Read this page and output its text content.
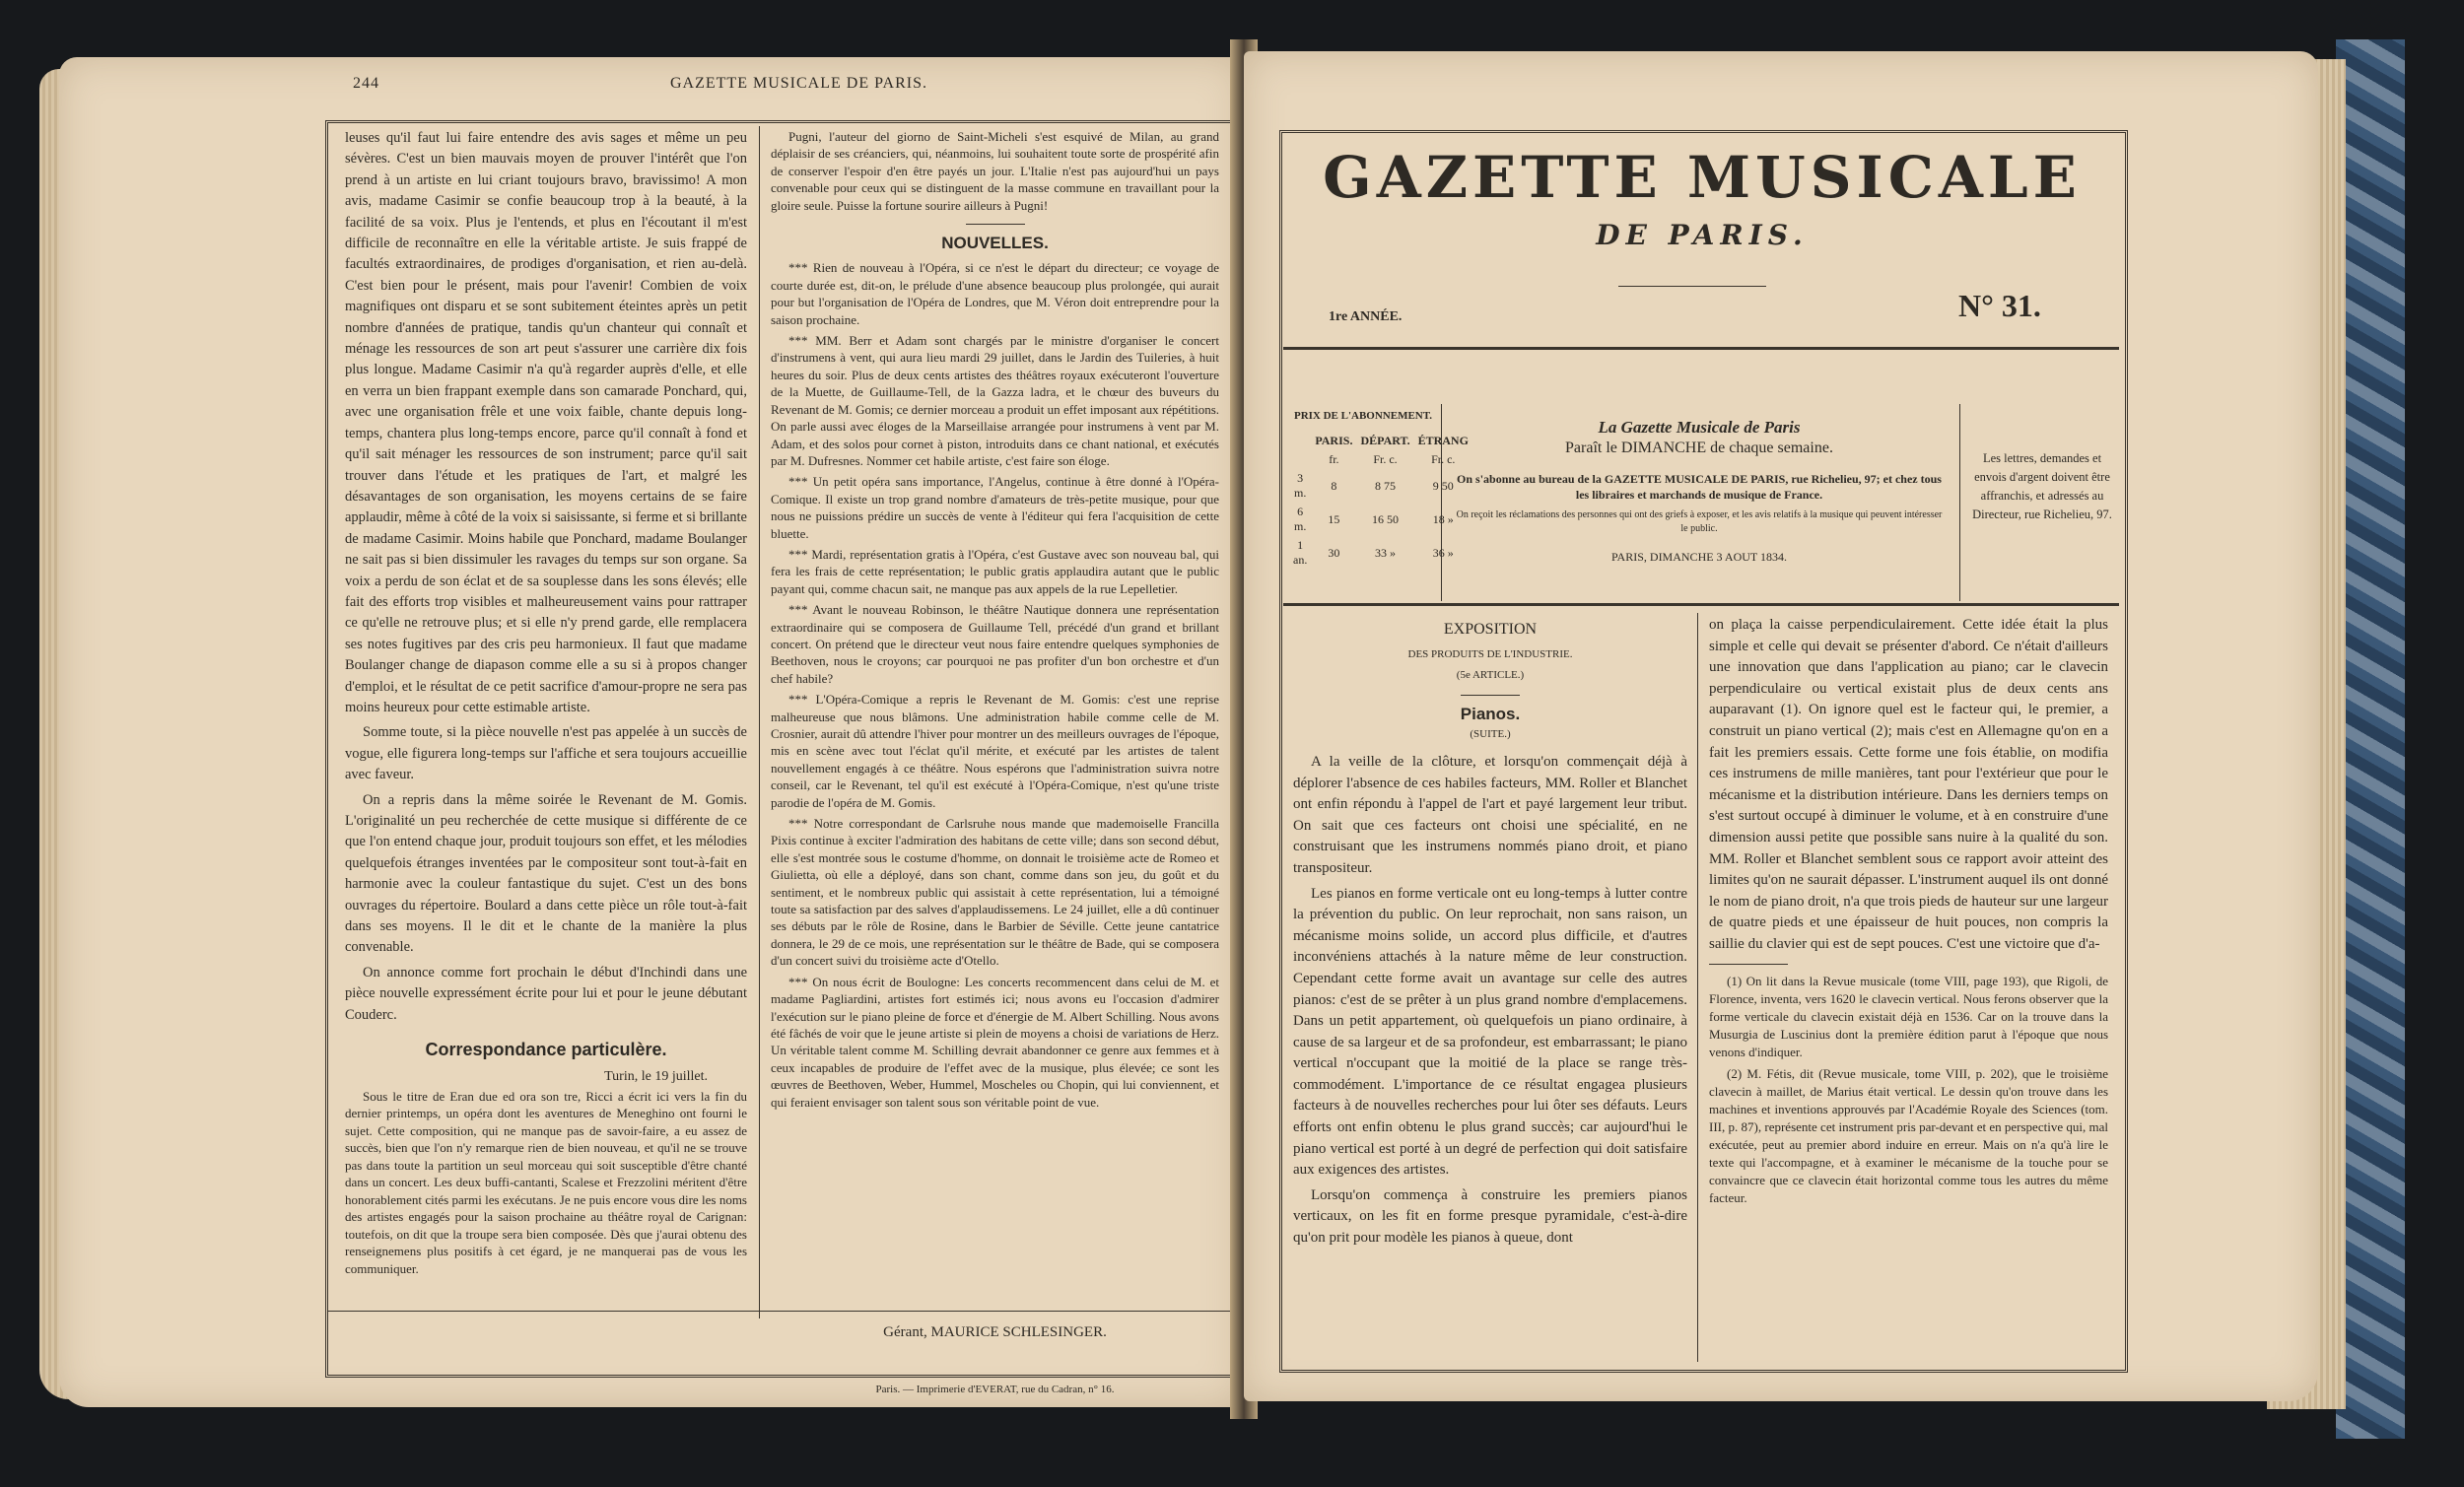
244	GAZETTE MUSICALE DE PARIS.

leuses qu'il faut lui faire entendre des avis sages et même un peu sévères. C'est un bien mauvais moyen de prouver l'intérêt que l'on prend à un artiste en lui criant toujours bravo, bravissimo! A mon avis, madame Casimir se confie beaucoup trop à la beauté, à la facilité de sa voix. Plus je l'entends, et plus en l'écoutant il m'est difficile de reconnaître en elle la véritable artiste. Je suis frappé de facultés extraordinaires, de prodiges d'organisation, et rien au-delà. C'est bien pour le présent, mais pour l'avenir! Combien de voix magnifiques ont disparu et se sont subitement éteintes après un petit nombre d'années de pratique, tandis qu'un chanteur qui connaît et ménage les ressources de son art peut s'assurer une carrière dix fois plus longue. Madame Casimir n'a qu'à regarder auprès d'elle, et elle en verra un bien frappant exemple dans son camarade Ponchard, qui, avec une organisation frêle et une voix faible, chante depuis long-temps, chantera plus long-temps encore, parce qu'il connaît à fond et qu'il sait ménager les ressources de son instrument; parce qu'il sait trouver dans l'étude et les pratiques de l'art, et malgré les désavantages de son organisation, les moyens certains de se faire applaudir, même à côté de la voix si saisissante, si ferme et si brillante de madame Casimir. Moins habile que Ponchard, madame Boulanger ne sait pas si bien dissimuler les ravages du temps sur son organe. Sa voix a perdu de son éclat et de sa souplesse dans les sons élevés; elle fait des efforts trop visibles et malheureusement vains pour rattraper ce qu'elle ne retrouve plus; et si elle n'y prend garde, elle remplacera ses notes fugitives par des cris peu harmonieux. Il faut que madame Boulanger change de diapason comme elle a su si à propos changer d'emploi, et le résultat de ce petit sacrifice d'amour-propre ne sera pas moins heureux pour cette estimable artiste.

Somme toute, si la pièce nouvelle n'est pas appelée à un succès de vogue, elle figurera long-temps sur l'affiche et sera toujours accueillie avec faveur.

On a repris dans la même soirée le Revenant de M. Gomis. L'originalité un peu recherchée de cette musique si différente de ce que l'on entend chaque jour, produit toujours son effet, et les mélodies quelquefois étranges inventées par le compositeur sont tout-à-fait en harmonie avec la couleur fantastique du sujet. C'est un des bons ouvrages du répertoire. Boulard a dans cette pièce un rôle tout-à-fait dans ses moyens. Il le dit et le chante de la manière la plus convenable.

On annonce comme fort prochain le début d'Inchindi dans une pièce nouvelle expressément écrite pour lui et pour le jeune débutant Couderc.

Correspondance particulère.
Turin, le 19 juillet.

Sous le titre de Eran due ed ora son tre, Ricci a écrit ici vers la fin du dernier printemps, un opéra dont les aventures de Meneghino ont fourni le sujet. Cette composition, qui ne manque pas de savoir-faire, a eu assez de succès, bien que l'on n'y remarque rien de bien nouveau, et qu'il ne se trouve pas dans toute la partition un seul morceau qui soit susceptible d'être chanté dans un concert. Les deux buffi-cantanti, Scalese et Frezzolini méritent d'être honorablement cités parmi les exécutans. Je ne puis encore vous dire les noms des artistes engagés pour la saison prochaine au théâtre royal de Carignan: toutefois, on dit que la troupe sera bien composée. Dès que j'aurai obtenu des renseignemens plus positifs à cet égard, je ne manquerai pas de vous les communiquer.

Pugni, l'auteur del giorno de Saint-Micheli s'est esquivé de Milan, au grand déplaisir de ses créanciers, qui, néanmoins, lui souhaitent toute sorte de prospérité afin de conserver l'espoir d'en être payés un jour. L'Italie n'est pas aujourd'hui un pays convenable pour ceux qui se distinguent de la masse commune en travaillant pour la gloire seule. Puisse la fortune sourire ailleurs à Pugni!

NOUVELLES.

*** Rien de nouveau à l'Opéra, si ce n'est le départ du directeur; ce voyage de courte durée est, dit-on, le prélude d'une absence beaucoup plus prolongée, qui aurait pour but l'organisation de l'Opéra de Londres, que M. Véron doit entreprendre pour la saison prochaine.

*** MM. Berr et Adam sont chargés par le ministre d'organiser le concert d'instrumens à vent, qui aura lieu mardi 29 juillet, dans le Jardin des Tuileries, à huit heures du soir. Plus de deux cents artistes des théâtres royaux exécuteront l'ouverture de la Muette, de Guillaume-Tell, de la Gazza ladra, et le chœur des buveurs du Revenant de M. Gomis; ce dernier morceau a produit un effet imposant aux répétitions. On parle aussi avec éloges de la Marseillaise arrangée pour instrumens à vent par M. Adam, et des solos pour cornet à piston, introduits dans ce chant national, et exécutés par M. Dufresnes. Nommer cet habile artiste, c'est faire son éloge.

*** Un petit opéra sans importance, l'Angelus, continue à être donné à l'Opéra-Comique. Il existe un trop grand nombre d'amateurs de très-petite musique, pour que nous ne puissions prédire un succès de vente à l'éditeur qui fera l'acquisition de cette bluette.

*** Mardi, représentation gratis à l'Opéra, c'est Gustave avec son nouveau bal, qui fera les frais de cette représentation; le public gratis applaudira autant que le public payant qui, comme chacun sait, ne manque pas aux appels de la rue Lepelletier.

*** Avant le nouveau Robinson, le théâtre Nautique donnera une représentation extraordinaire qui se composera de Guillaume Tell, précédé d'un grand et brillant concert. On prétend que le directeur veut nous faire entendre quelques symphonies de Beethoven, nous le croyons; car pourquoi ne pas profiter d'un bon orchestre et d'un chef habile?

*** L'Opéra-Comique a repris le Revenant de M. Gomis: c'est une reprise malheureuse que nous blâmons. Une administration habile comme celle de M. Crosnier, aurait dû attendre l'hiver pour montrer un des meilleurs ouvrages de l'époque, mis en scène avec tout l'éclat qu'il mérite, et exécuté par les artistes de talent nouvellement engagés à ce théâtre. Nous espérons que l'administration suivra notre conseil, car le Revenant, tel qu'il est exécuté à l'Opéra-Comique, n'est qu'une triste parodie de l'opéra de M. Gomis.

*** Notre correspondant de Carlsruhe nous mande que mademoiselle Francilla Pixis continue à exciter l'admiration des habitans de cette ville; dans son second début, elle s'est montrée sous le costume d'homme, on donnait le troisième acte de Romeo et Giulietta, où elle a déployé, dans son chant, comme dans son jeu, du goût et du sentiment, et le nombreux public qui assistait à cette représentation, lui a témoigné toute sa satisfaction par des salves d'applaudissemens. Le 24 juillet, elle a dû continuer ses débuts par le rôle de Rosine, dans le Barbier de Séville. Cette jeune cantatrice donnera, le 29 de ce mois, une représentation sur le théâtre de Bade, qui se composera d'un concert suivi du troisième acte d'Otello.

*** On nous écrit de Boulogne: Les concerts recommencent dans celui de M. et madame Pagliardini, artistes fort estimés ici; nous avons eu l'occasion d'admirer l'exécution sur le piano pleine de force et d'énergie de M. Albert Schilling. Nous avons été fâchés de voir que le jeune artiste si plein de moyens a choisi de variations de Herz. Un véritable talent comme M. Schilling devrait abandonner ce genre aux femmes et à ceux incapables de produire de l'effet avec de la musique, plus élevée; ce sont les œuvres de Beethoven, Weber, Hummel, Moscheles ou Chopin, qui lui conviennent, et qui feraient envisager son talent sous son véritable point de vue.

Gérant, MAURICE SCHLESINGER.
Paris. — Imprimerie d'EVERAT, rue du Cadran, n° 16.
GAZETTE MUSICALE
DE PARIS.
1re ANNÉE.	N° 31.
PRIX DE L'ABONNEMENT.
	PARIS.	DÉPART.	ÉTRANG
	fr.	Fr. c.	Fr. c.
3 m.	8	8 75	9 50
6 m.	15	16 50	18 »
1 an.	30	33 »	36 »
La Gazette Musicale de Paris
Paraît le DIMANCHE de chaque semaine.
On s'abonne au bureau de la GAZETTE MUSICALE DE PARIS, rue Richelieu, 97; et chez tous les libraires et marchands de musique de France.
On reçoit les réclamations des personnes qui ont des griefs à exposer, et les avis relatifs à la musique qui peuvent intéresser le public.
PARIS, DIMANCHE 3 AOUT 1834.
Les lettres, demandes et envois d'argent doivent être affranchis, et adressés au Directeur, rue Richelieu, 97.
EXPOSITION
DES PRODUITS DE L'INDUSTRIE.
(5e ARTICLE.)
Pianos.
(SUITE.)

A la veille de la clôture, et lorsqu'on commençait déjà à déplorer l'absence de ces habiles facteurs, MM. Roller et Blanchet ont enfin répondu à l'appel de l'art et payé largement leur tribut. On sait que ces facteurs ont choisi une spécialité, en ne construisant que les instrumens nommés piano droit, et piano transpositeur.

Les pianos en forme verticale ont eu long-temps à lutter contre la prévention du public. On leur reprochait, non sans raison, un mécanisme moins solide, un accord plus difficile, et d'autres inconvéniens attachés à la nature même de leur construction. Cependant cette forme avait un avantage sur celle des autres pianos: c'est de se prêter à un plus grand nombre d'emplacemens. Dans un petit appartement, où quelquefois un piano ordinaire, à cause de sa largeur et de sa profondeur, est embarrassant; le piano vertical n'occupant que la moitié de la place se range très-commodément. L'importance de ce résultat engagea plusieurs facteurs à de nouvelles recherches pour lui ôter ses défauts. Leurs efforts ont enfin obtenu le plus grand succès; car aujourd'hui le piano vertical est porté à un degré de perfection qui doit satisfaire aux exigences des artistes.

Lorsqu'on commença à construire les premiers pianos verticaux, on les fit en forme presque pyramidale, c'est-à-dire qu'on prit pour modèle les pianos à queue, dont

on plaça la caisse perpendiculairement. Cette idée était la plus simple et celle qui devait se présenter d'abord. Ce n'était d'ailleurs une innovation que dans l'application au piano; car le clavecin perpendiculaire ou vertical existait plus de deux cents ans auparavant (1). On ignore quel est le facteur qui, le premier, a construit un piano vertical (2); mais c'est en Allemagne qu'on en a fait les premiers essais. Cette forme une fois établie, on modifia ces instrumens de mille manières, tant pour l'extérieur que pour le mécanisme et la distribution intérieure. Dans les derniers temps on s'est surtout occupé à diminuer le volume, et à en construire d'une dimension aussi petite que possible sans nuire à la qualité du son. MM. Roller et Blanchet semblent sous ce rapport avoir atteint des limites qu'on ne saurait dépasser. L'instrument auquel ils ont donné le nom de piano droit, n'a que trois pieds de hauteur sur une largeur de quatre pieds et une épaisseur de huit pouces, non compris la saillie du clavier qui est de sept pouces. C'est une victoire que d'a-

(1) On lit dans la Revue musicale (tome VIII, page 193), que Rigoli, de Florence, inventa, vers 1620 le clavecin vertical. Nous ferons observer que la forme verticale du clavecin existait déjà en 1536. Car on la trouve dans la Musurgia de Luscinius dont la première édition parut à l'époque que nous venons d'indiquer.

(2) M. Fétis, dit (Revue musicale, tome VIII, p. 202), que le troisième clavecin à maillet, de Marius était vertical. Le dessin qu'on trouve dans les machines et inventions approuvés par l'Académie Royale des Sciences (tom. III, p. 87), représente cet instrument pris par-devant et en perspective qui, mal exécutée, peut au premier abord induire en erreur. Mais on n'a qu'à lire le texte qui l'accompagne, et à examiner le mécanisme de la touche pour se convaincre que ce clavecin était horizontal comme tous les autres du même facteur.
